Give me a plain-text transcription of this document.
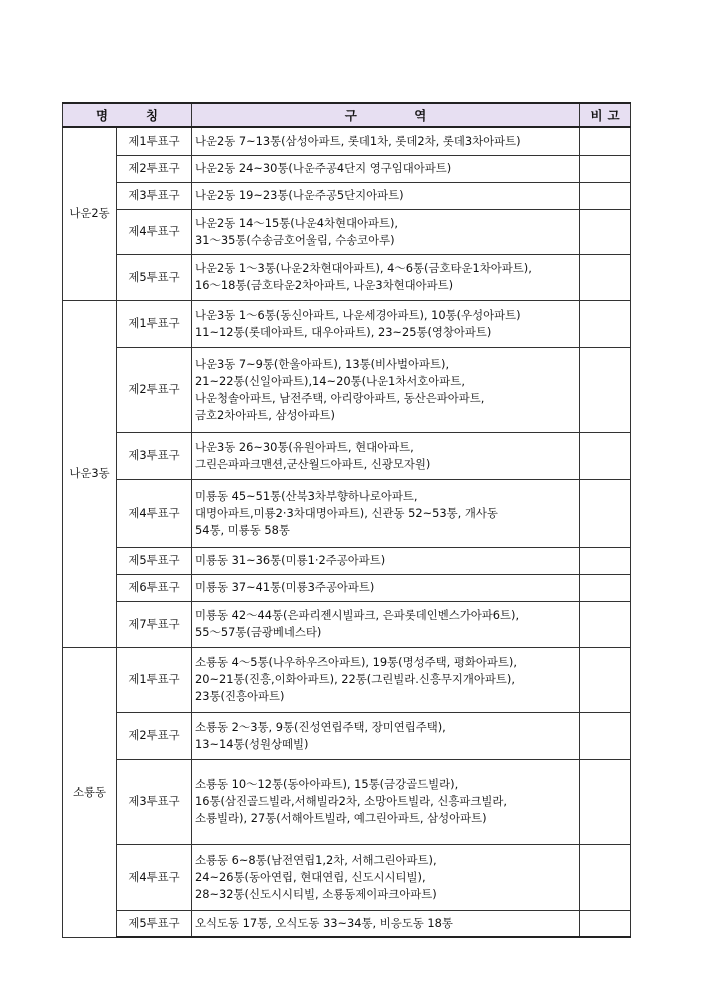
명 칭		구 역	비 고

나운2동	제1투표구	나운2동 7~13통(삼성아파트, 롯데1차, 롯데2차, 롯데3차아파트)	

	제2투표구	나운2동 24~30통(나운주공4단지 영구임대아파트)	

	제3투표구	나운2동 19~23통(나운주공5단지아파트)	

	제4투표구	나운2동 14～15통(나운4차현대아파트),
31～35통(수송금호어울림, 수송코아루)	

	제5투표구	나운2동 1～3통(나운2차현대아파트), 4～6통(금호타운1차아파트),
16～18통(금호타운2차아파트, 나운3차현대아파트)	

나운3동	제1투표구	나운3동 1～6통(동신아파트, 나운세경아파트), 10통(우성아파트)
11~12통(롯데아파트, 대우아파트), 23~25통(영창아파트)	

	제2투표구	나운3동 7~9통(한울아파트), 13통(비사벌아파트),
21~22통(신일아파트),14~20통(나운1차서호아파트,
나운청솔아파트, 남전주택, 아리랑아파트, 동산은파아파트,
금호2차아파트, 삼성아파트)	

	제3투표구	나운3동 26~30통(유원아파트, 현대아파트,
그린은파파크맨션,군산월드아파트, 신광모자원)	

	제4투표구	미룡동 45~51통(산북3차부향하나로아파트,
대명아파트,미룡2·3차대명아파트), 신관동 52~53통, 개사동
54통, 미룡동 58통	

	제5투표구	미룡동 31~36통(미룡1·2주공아파트)	

	제6투표구	미룡동 37~41통(미룡3주공아파트)	

	제7투표구	미룡동 42～44통(은파리젠시빌파크, 은파롯데인벤스가아파6트),
55～57통(금광베네스타)	

소룡동	제1투표구	소룡동 4～5통(나우하우즈아파트), 19통(명성주택, 평화아파트),
20~21통(진흥,이화아파트), 22통(그린빌라.신흥무지개아파트),
23통(진흥아파트)	

	제2투표구	소룡동 2～3통, 9통(진성연립주택, 장미연립주택),
13~14통(성원상떼빌)	

	제3투표구	소룡동 10～12통(동아아파트), 15통(금강골드빌라),
16통(삼진골드빌라,서해빌라2차, 소망아트빌라, 신흥파크빌라,
소룡빌라), 27통(서해아트빌라, 예그린아파트, 삼성아파트)	

	제4투표구	소룡동 6~8통(남전연립1,2차, 서해그린아파트),
24~26통(동아연립, 현대연립, 신도시시티빌),
28~32통(신도시시티빌, 소룡동제이파크아파트)	

	제5투표구	오식도동 17통, 오식도동 33~34통, 비응도동 18통	
